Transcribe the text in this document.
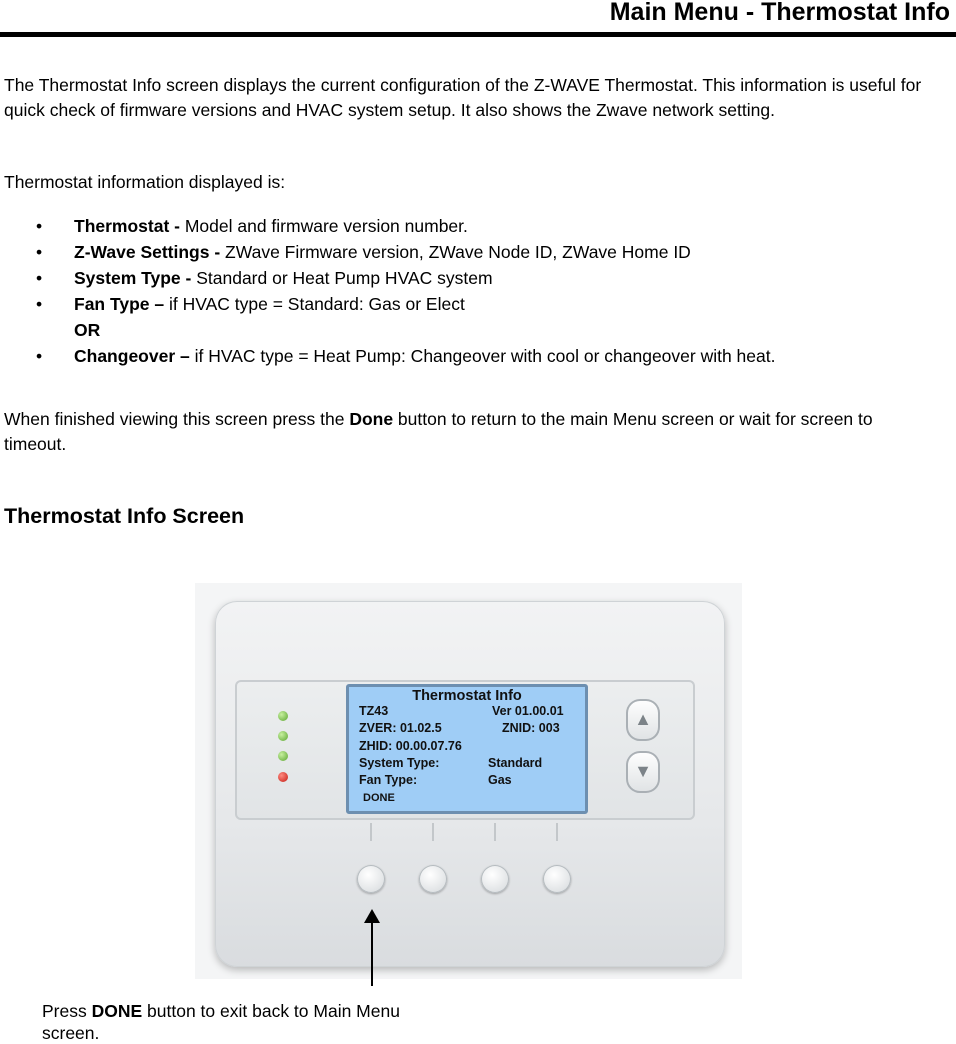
Main Menu - Thermostat Info
The Thermostat Info screen displays the current configuration of the Z-WAVE Thermostat. This information is useful for quick check of firmware versions and HVAC system setup. It also shows the Zwave network setting.
Thermostat information displayed is:
• Thermostat - Model and firmware version number.
• Z-Wave Settings - ZWave Firmware version, ZWave Node ID, ZWave Home ID
• System Type - Standard or Heat Pump HVAC system
• Fan Type – if HVAC type = Standard: Gas or Elect
OR
• Changeover – if HVAC type = Heat Pump: Changeover with cool or changeover with heat.
When finished viewing this screen press the Done button to return to the main Menu screen or wait for screen to timeout.
Thermostat Info Screen
Thermostat Info
TZ43	Ver 01.00.01
ZVER: 01.02.5	ZNID: 003
ZHID: 00.00.07.76
System Type:	Standard
Fan Type:	Gas
DONE
▲
▼
Press DONE button to exit back to Main Menu screen.
